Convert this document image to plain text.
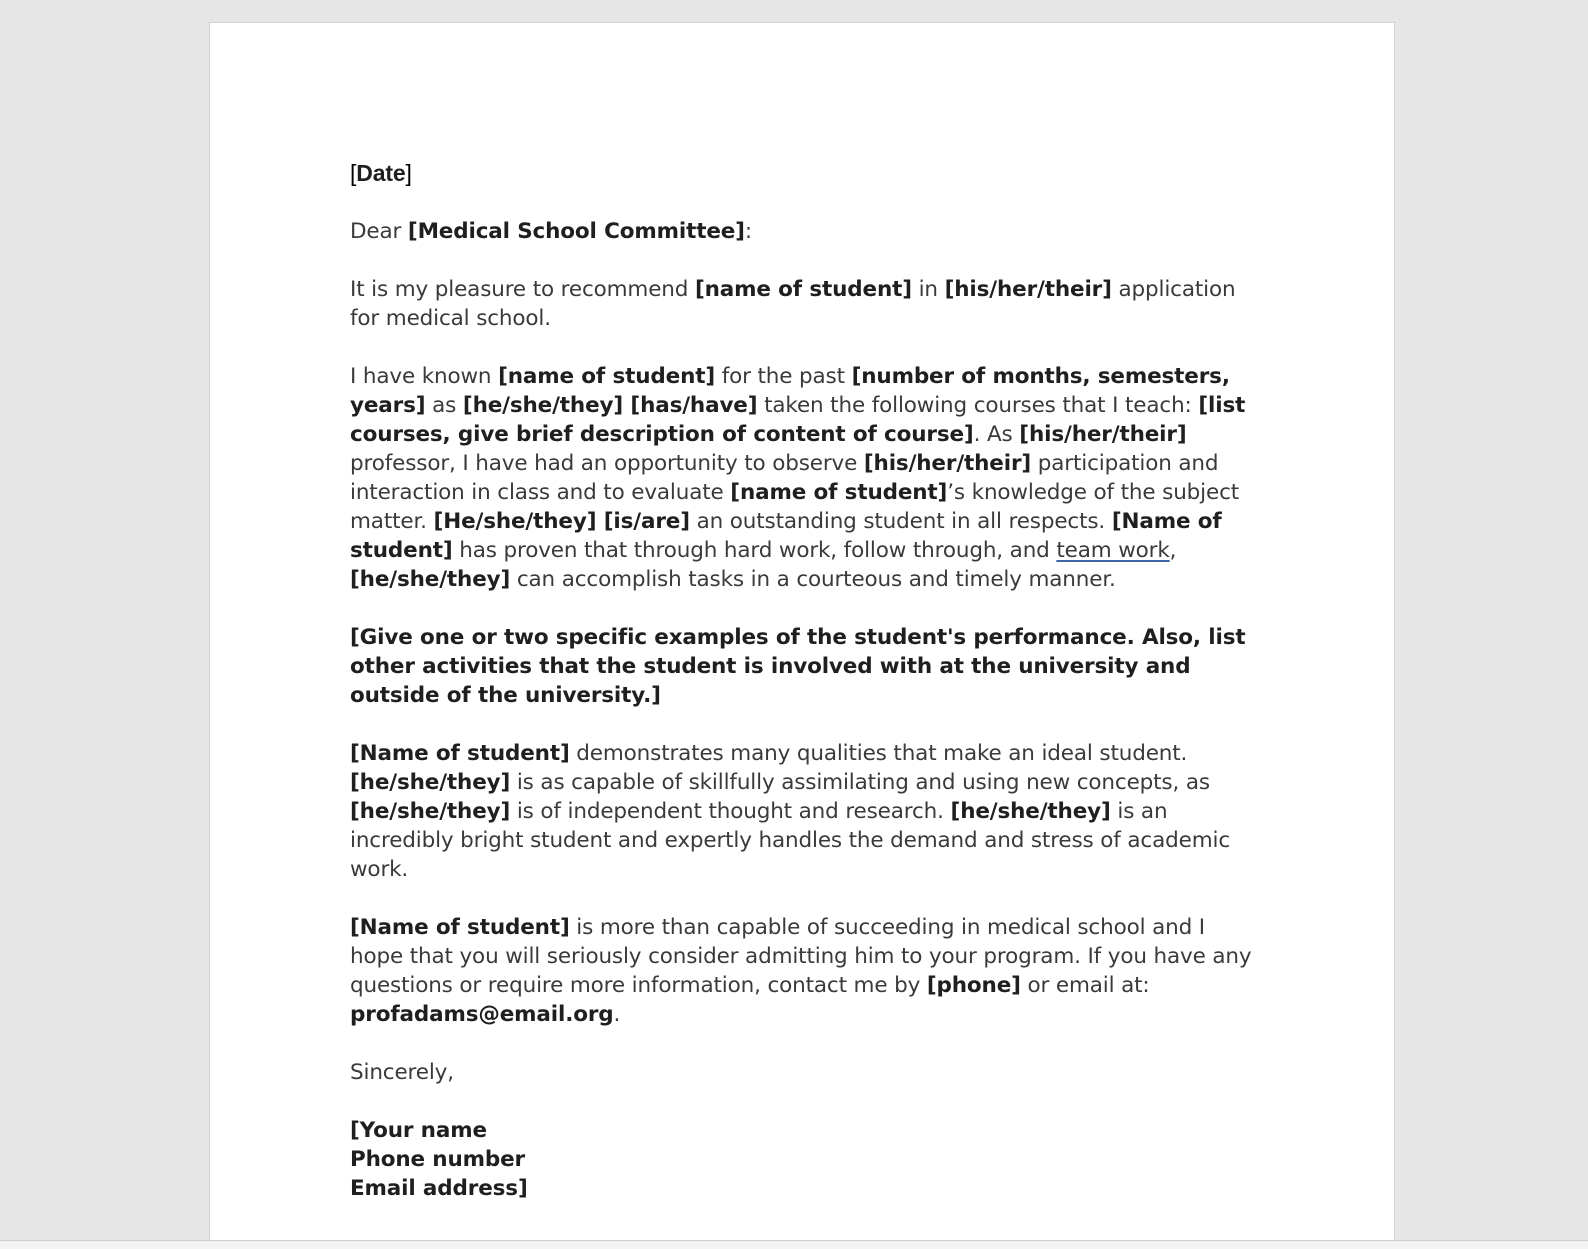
[Date]

Dear [Medical School Committee]:

It is my pleasure to recommend [name of student] in [his/her/their] application for medical school.

I have known [name of student] for the past [number of months, semesters, years] as [he/she/they] [has/have] taken the following courses that I teach: [list courses, give brief description of content of course]. As [his/her/their] professor, I have had an opportunity to observe [his/her/their] participation and interaction in class and to evaluate [name of student]’s knowledge of the subject matter. [He/she/they] [is/are] an outstanding student in all respects. [Name of student] has proven that through hard work, follow through, and team work, [he/she/they] can accomplish tasks in a courteous and timely manner.

[Give one or two specific examples of the student's performance. Also, list other activities that the student is involved with at the university and outside of the university.]

[Name of student] demonstrates many qualities that make an ideal student.
[he/she/they] is as capable of skillfully assimilating and using new concepts, as
[he/she/they] is of independent thought and research. [he/she/they] is an incredibly bright student and expertly handles the demand and stress of academic work.

[Name of student] is more than capable of succeeding in medical school and I hope that you will seriously consider admitting him to your program. If you have any questions or require more information, contact me by [phone] or email at: profadams@email.org.

Sincerely,

[Your name
Phone number
Email address]
